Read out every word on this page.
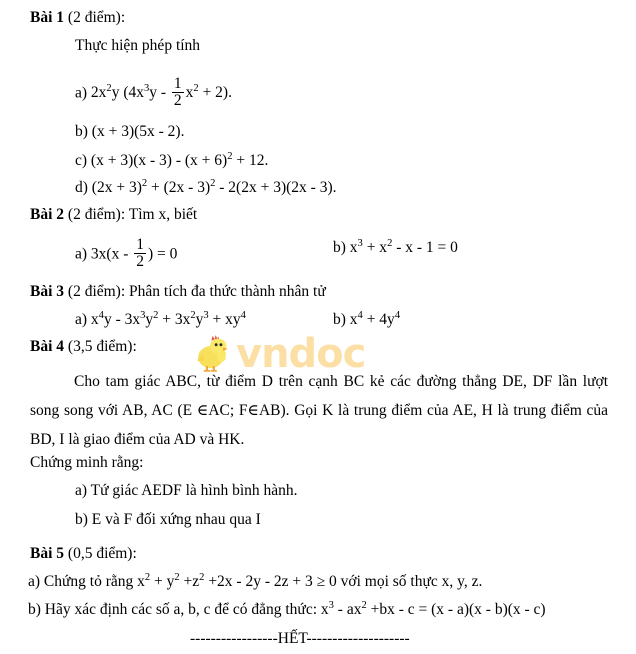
vndoc
Bài 1 (2 điểm):
Thực hiện phép tính
a) $2x^2y$ $(4x^3y - \frac{1}{2} x^2 + 2)$.
b) (x + 3)(5x - 2).
c) $(x + 3)(x - 3) - (x + 6)^2 + 12$.
d) $(2x + 3)^2 + (2x - 3)^2 - 2(2x + 3)(2x - 3)$.
Bài 2 (2 điểm): Tìm x, biết
a) $3x(x - \frac{1}{2}$ ) = 0	b) $x^3 + x^2 - x - 1 = 0$
Bài 3 (2 điểm): Phân tích đa thức thành nhân tử
a) $x^4y - 3x^3y^2 + 3x^2y^3 + xy^4$	b) $x^4 + 4y^4$
Bài 4 (3,5 điểm):
Cho tam giác ABC, từ điểm D trên cạnh BC kẻ các đường thẳng DE, DF lần lượt song song với AB, AC (E ∈AC; F∈AB). Gọi K là trung điểm của AE, H là trung điểm của BD, I là giao điểm của AD và HK.
Chứng minh rằng:
a) Tứ giác AEDF là hình bình hành.
b) E và F đối xứng nhau qua I
Bài 5 (0,5 điểm):
a) Chứng tỏ rằng $x^2 + y^2 +z^2 +2x - 2y - 2z + 3 \ge 0$ với mọi số thực x, y, z.
b) Hãy xác định các số a, b, c để có đẳng thức: $x^3 - ax^2 +bx - c = (x - a)(x - b)(x - c)$
-----------------HẾT--------------------
